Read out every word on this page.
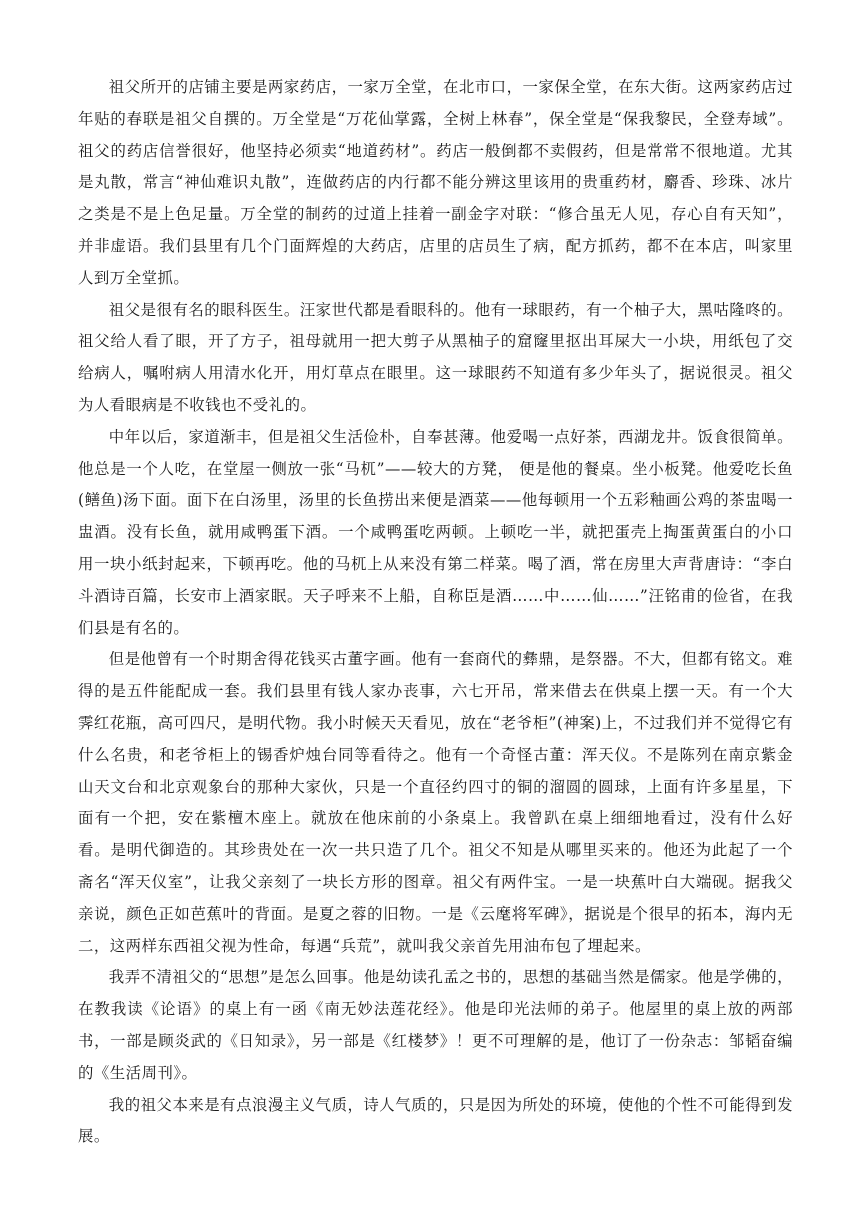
祖父所开的店铺主要是两家药店，一家万全堂，在北市口，一家保全堂，在东大街。这两家药店过年贴的春联是祖父自撰的。万全堂是“万花仙掌露，全树上林春”，保全堂是“保我黎民，全登寿域”。祖父的药店信誉很好，他坚持必须卖“地道药材”。药店一般倒都不卖假药，但是常常不很地道。尤其是丸散，常言“神仙难识丸散”，连做药店的内行都不能分辨这里该用的贵重药材，麝香、珍珠、冰片之类是不是上色足量。万全堂的制药的过道上挂着一副金字对联：“修合虽无人见，存心自有天知”，并非虚语。我们县里有几个门面辉煌的大药店，店里的店员生了病，配方抓药，都不在本店，叫家里人到万全堂抓。

祖父是很有名的眼科医生。汪家世代都是看眼科的。他有一球眼药，有一个柚子大，黑咕隆咚的。祖父给人看了眼，开了方子，祖母就用一把大剪子从黑柚子的窟窿里抠出耳屎大一小块，用纸包了交给病人，嘱咐病人用清水化开，用灯草点在眼里。这一球眼药不知道有多少年头了，据说很灵。祖父为人看眼病是不收钱也不受礼的。

中年以后，家道渐丰，但是祖父生活俭朴，自奉甚薄。他爱喝一点好茶，西湖龙井。饭食很简单。他总是一个人吃，在堂屋一侧放一张“马杌”——较大的方凳， 便是他的餐桌。坐小板凳。他爱吃长鱼(鳝鱼)汤下面。面下在白汤里，汤里的长鱼捞出来便是酒菜——他每顿用一个五彩釉画公鸡的茶盅喝一盅酒。没有长鱼，就用咸鸭蛋下酒。一个咸鸭蛋吃两顿。上顿吃一半，就把蛋壳上掏蛋黄蛋白的小口用一块小纸封起来，下顿再吃。他的马杌上从来没有第二样菜。喝了酒，常在房里大声背唐诗：“李白斗酒诗百篇，长安市上酒家眠。天子呼来不上船，自称臣是酒……中……仙……”汪铭甫的俭省，在我们县是有名的。

但是他曾有一个时期舍得花钱买古董字画。他有一套商代的彝鼎，是祭器。不大，但都有铭文。难得的是五件能配成一套。我们县里有钱人家办丧事，六七开吊，常来借去在供桌上摆一天。有一个大霁红花瓶，高可四尺，是明代物。我小时候天天看见，放在“老爷柜”(神案)上，不过我们并不觉得它有什么名贵，和老爷柜上的锡香炉烛台同等看待之。他有一个奇怪古董：浑天仪。不是陈列在南京紫金山天文台和北京观象台的那种大家伙，只是一个直径约四寸的铜的溜圆的圆球，上面有许多星星，下面有一个把，安在紫檀木座上。就放在他床前的小条桌上。我曾趴在桌上细细地看过，没有什么好看。是明代御造的。其珍贵处在一次一共只造了几个。祖父不知是从哪里买来的。他还为此起了一个斋名“浑天仪室”，让我父亲刻了一块长方形的图章。祖父有两件宝。一是一块蕉叶白大端砚。据我父亲说，颜色正如芭蕉叶的背面。是夏之蓉的旧物。一是《云麾将军碑》，据说是个很早的拓本，海内无二，这两样东西祖父视为性命，每遇“兵荒”，就叫我父亲首先用油布包了埋起来。

我弄不清祖父的“思想”是怎么回事。他是幼读孔孟之书的，思想的基础当然是儒家。他是学佛的，在教我读《论语》的桌上有一函《南无妙法莲花经》。他是印光法师的弟子。他屋里的桌上放的两部书，一部是顾炎武的《日知录》，另一部是《红楼梦》！更不可理解的是，他订了一份杂志：邹韬奋编的《生活周刊》。

我的祖父本来是有点浪漫主义气质，诗人气质的，只是因为所处的环境，使他的个性不可能得到发展。
